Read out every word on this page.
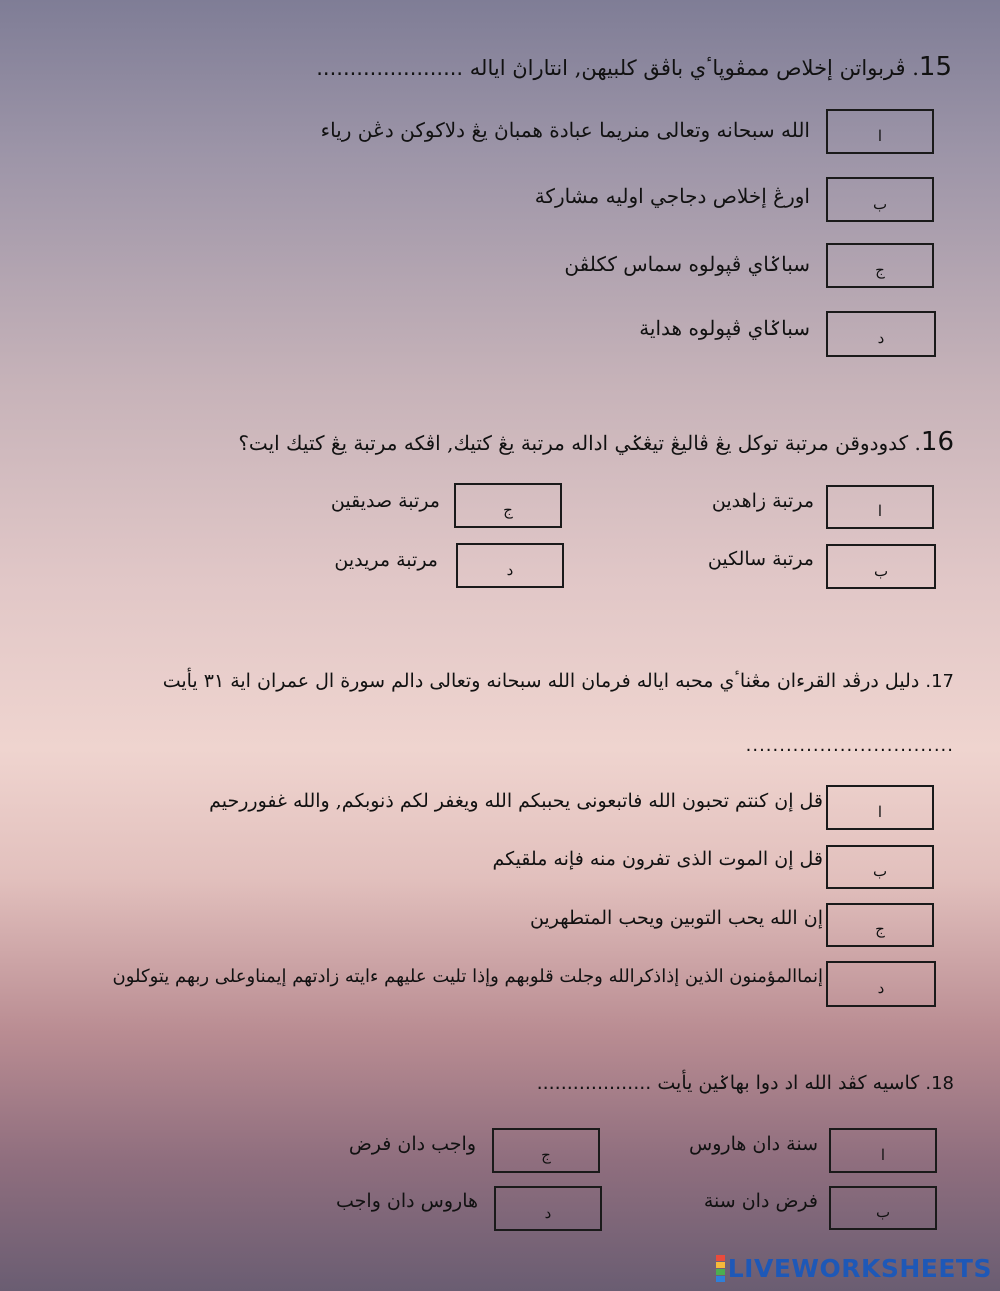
15. ڤربواتن إخلاص ممڤوڽاٴي باڤق كلبيهن, انتاراڽ اياله ......................
ا
الله سبحانه وتعالى منريما عبادة همباڽ يڠ دلاكوكن دڠن رياء
ب
اورڠ إخلاص دجاجي اوليه مشاركة
ج
سباݢاي ڤپولوه سماس ككلڤن
د
سباݢاي ڤپولوه هداية
16. كدودوقن مرتبة توكل يڠ ڤاليڠ تيڠݢي اداله مرتبة يڠ كتيك, اڤكه مرتبة يڠ كتيك ايت؟
ا
مرتبة زاهدين
ب
مرتبة سالكين
ج
مرتبة صديقين
د
مرتبة مريدين
17. دليل درڤد القرءان مڠناٴي محبه اياله فرمان الله سبحانه وتعالى دالم سورة ال عمران اية ٣١ يأيت
...............................
ا
قل إن كنتم تحبون الله فاتبعونى يحببكم الله ويغفر لكم ذنوبكم, والله غفوررحيم
ب
قل إن الموت الذى تفرون منه فإنه ملقيكم
ج
إن الله يحب التوبين ويحب المتطهرين
د
إنماالمؤمنون الذين إذاذكرالله وجلت قلوبهم وإذا تليت عليهم ءايته زادتهم إيمناوعلى ربهم يتوكلون
18. كاسيه كڤد الله اد دوا بهاݢين يأيت ...................
ا
سنة دان هاروس
ب
فرض دان سنة
ج
واجب دان فرض
د
هاروس دان واجب
LIVEWORKSHEETS
